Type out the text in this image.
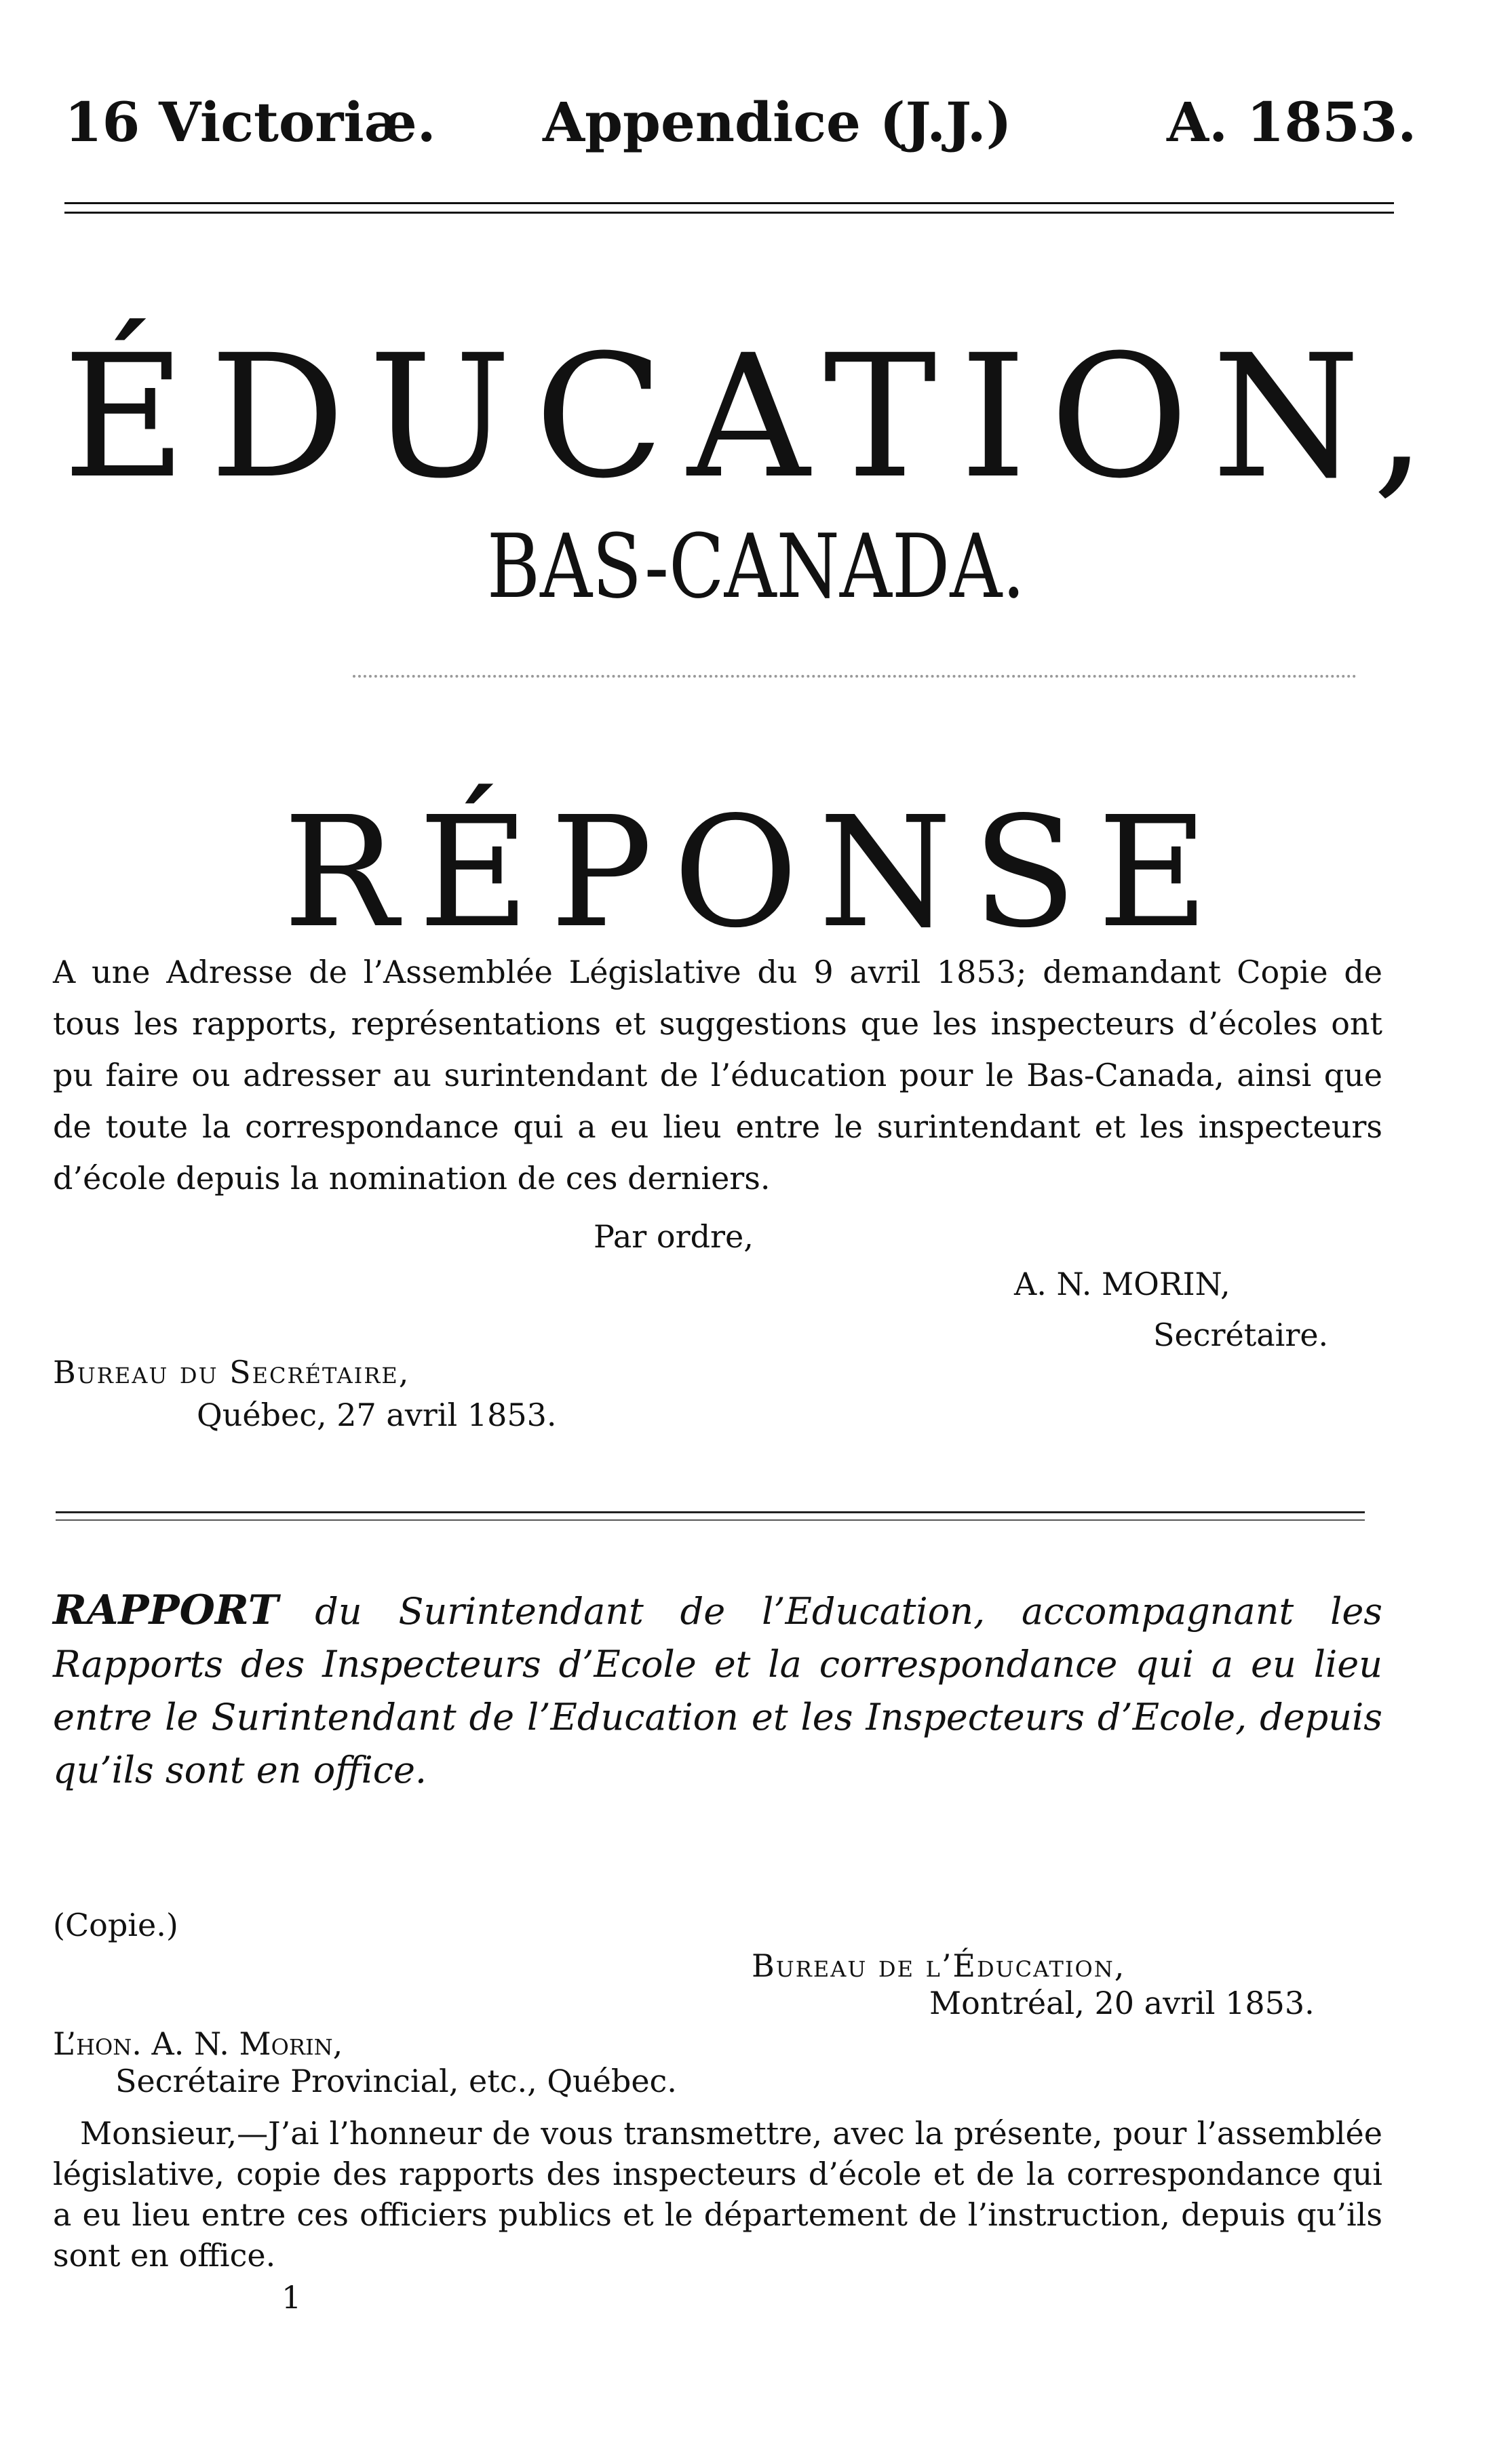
16 Victoriæ. Appendice (J.J.)	A. 1853.
ÉDUCATION,
BAS-CANADA.
RÉPONSE
A une Adresse de l’Assemblée Législative du 9 avril 1853; demandant Copie de tous les rapports, représentations et suggestions que les inspecteurs d’écoles ont pu faire ou adresser au surintendant de l’éducation pour le Bas-Canada, ainsi que de toute la correspondance qui a eu lieu entre le surintendant et les inspecteurs d’école depuis la nomination de ces derniers.
Par ordre,
A. N. MORIN,
Secrétaire.
Bureau du Secrétaire,
Québec, 27 avril 1853.
RAPPORT du Surintendant de l’Education, accompagnant les Rapports des Inspecteurs d’Ecole et la correspondance qui a eu lieu entre le Surintendant de l’Education et les Inspecteurs d’Ecole, depuis qu’ils sont en office.
(Copie.)
Bureau de l’Éducation,
Montréal, 20 avril 1853.
L’hon. A. N. Morin,
Secrétaire Provincial, etc., Québec.
Monsieur,—J’ai l’honneur de vous transmettre, avec la présente, pour l’assemblée législative, copie des rapports des inspecteurs d’école et de la correspondance qui a eu lieu entre ces officiers publics et le département de l’instruction, depuis qu’ils sont en office.
1
